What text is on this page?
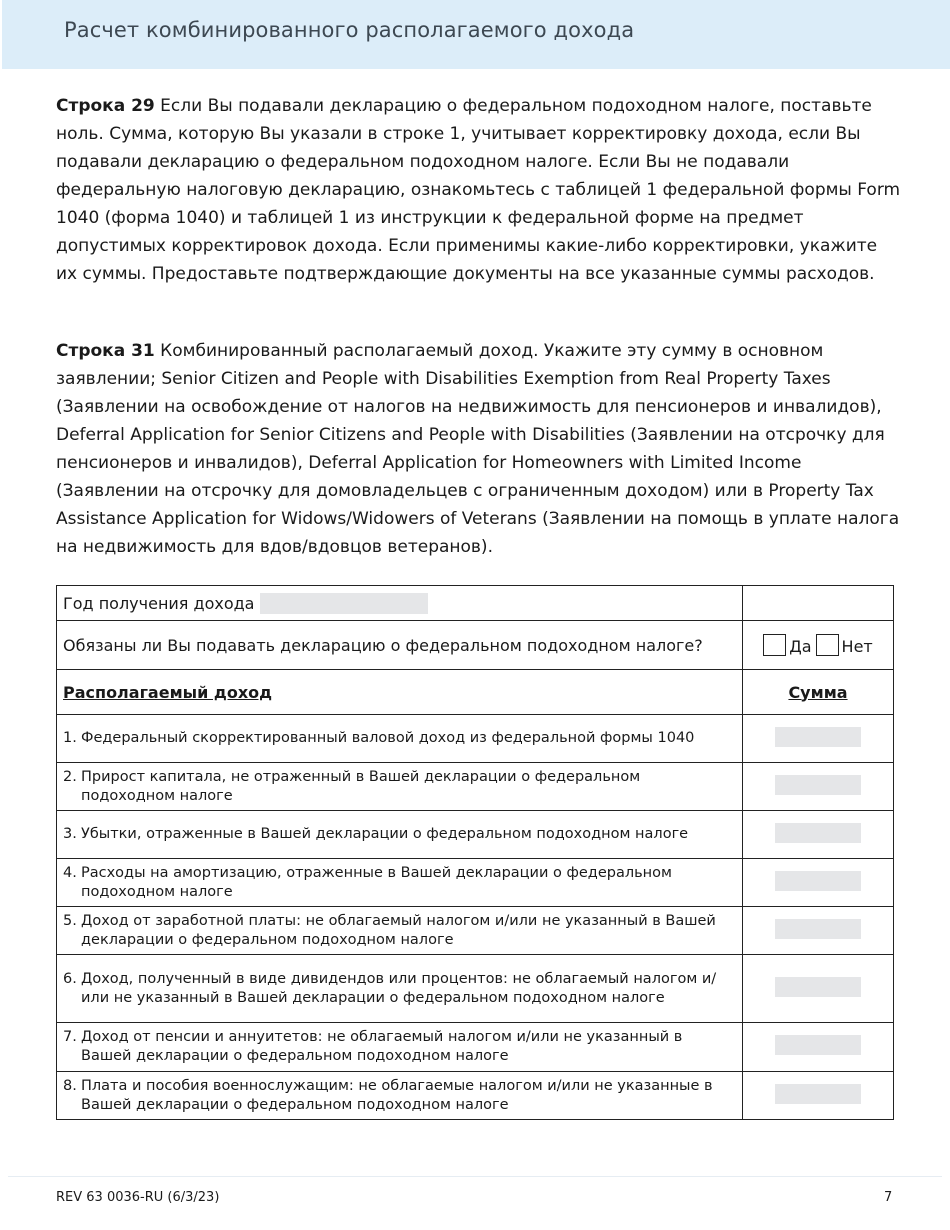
Расчет комбинированного располагаемого дохода
Строка 29 Если Вы подавали декларацию о федеральном подоходном налоге, поставьте ноль. Сумма, которую Вы указали в строке 1, учитывает корректировку дохода, если Вы подавали декларацию о федеральном подоходном налоге. Если Вы не подавали федеральную налоговую декларацию, ознакомьтесь с таблицей 1 федеральной формы Form 1040 (форма 1040) и таблицей 1 из инструкции к федеральной форме на предмет допустимых корректировок дохода. Если применимы какие-либо корректировки, укажите их суммы. Предоставьте подтверждающие документы на все указанные суммы расходов.
Строка 31 Комбинированный располагаемый доход. Укажите эту сумму в основном заявлении; Senior Citizen and People with Disabilities Exemption from Real Property Taxes (Заявлении на освобождение от налогов на недвижимость для пенсионеров и инвалидов), Deferral Application for Senior Citizens and People with Disabilities (Заявлении на отсрочку для пенсионеров и инвалидов), Deferral Application for Homeowners with Limited Income (Заявлении на отсрочку для домовладельцев с ограниченным доходом) или в Property Tax Assistance Application for Widows/Widowers of Veterans (Заявлении на помощь в уплате налога на недвижимость для вдов/вдовцов ветеранов).
Год получения дохода	

Обязаны ли Вы подавать декларацию о федеральном подоходном налоге?	Да Нет
Располагаемый доход	Сумма

1. Федеральный скорректированный валовой доход из федеральной формы 1040	

2. Прирост капитала, не отраженный в Вашей декларации о федеральном подоходном налоге	

3. Убытки, отраженные в Вашей декларации о федеральном подоходном налоге	

4. Расходы на амортизацию, отраженные в Вашей декларации о федеральном подоходном налоге	

5. Доход от заработной платы: не облагаемый налогом и/или не указанный в Вашей декларации о федеральном подоходном налоге	

6. Доход, полученный в виде дивидендов или процентов: не облагаемый налогом и/или не указанный в Вашей декларации о федеральном подоходном налоге	

7. Доход от пенсии и аннуитетов: не облагаемый налогом и/или не указанный в Вашей декларации о федеральном подоходном налоге	

8. Плата и пособия военнослужащим: не облагаемые налогом и/или не указанные в Вашей декларации о федеральном подоходном налоге	

REV 63 0036-RU (6/3/23)	7
